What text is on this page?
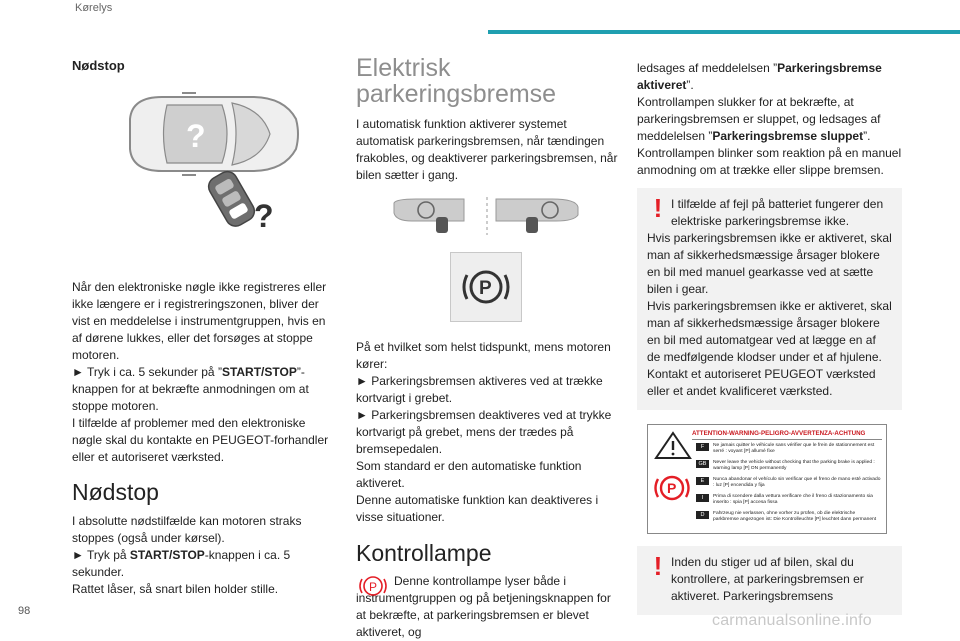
Kørelys
Nødstop
?
?

Når den elektroniske nøgle ikke registreres eller ikke længere er i registreringszonen, bliver der vist en meddelelse i instrumentgruppen, hvis en af dørene lukkes, eller det forsøges at stoppe motoren.

► Tryk i ca. 5 sekunder på ”START/STOP”-knappen for at bekræfte anmodningen om at stoppe motoren.

I tilfælde af problemer med den elektroniske nøgle skal du kontakte en PEUGEOT-forhandler eller et autoriseret værksted.

Nødstop

I absolutte nødstilfælde kan motoren straks stoppes (også under kørsel).

► Tryk på START/STOP-knappen i ca. 5 sekunder.

Rattet låser, så snart bilen holder stille.

Elektrisk
parkeringsbremse

I automatisk funktion aktiverer systemet automatisk parkeringsbremsen, når tændingen frakobles, og deaktiverer parkeringsbremsen, når bilen sætter i gang.

P

På et hvilket som helst tidspunkt, mens motoren kører:

► Parkeringsbremsen aktiveres ved at trække kortvarigt i grebet.

► Parkeringsbremsen deaktiveres ved at trykke kortvarigt på grebet, mens der trædes på bremsepedalen.

Som standard er den automatiske funktion aktiveret.

Denne automatiske funktion kan deaktiveres i visse situationer.

Kontrollampe
P	Denne kontrollampe lyser både i instrumentgruppen og på betjeningsknappen for at bekræfte, at parkeringsbremsen er blevet aktiveret, og

ledsages af meddelelsen ”Parkeringsbremse aktiveret”.

Kontrollampen slukker for at bekræfte, at parkeringsbremsen er sluppet, og ledsages af meddelelsen ”Parkeringsbremse sluppet”.

Kontrollampen blinker som reaktion på en manuel anmodning om at trække eller slippe bremsen.

! I tilfælde af fejl på batteriet fungerer den elektriske parkeringsbremse ikke.

Hvis parkeringsbremsen ikke er aktiveret, skal man af sikkerhedsmæssige årsager blokere en bil med manuel gearkasse ved at sætte bilen i gear.

Hvis parkeringsbremsen ikke er aktiveret, skal man af sikkerhedsmæssige årsager blokere en bil med automatgear ved at lægge en af de medfølgende klodser under et af hjulene.

Kontakt et autoriseret PEUGEOT værksted eller et andet kvalificeret værksted.

ATTENTION-WARNING-PELIGRO-AVVERTENZA-ACHTUNG
P
F	Ne jamais quitter le véhicule sans vérifier que le frein de stationnement est serré : voyant [P] allumé fixe
GB	Never leave the vehicle without checking that the parking brake is applied : warning lamp [P] ON permanently
E	Nunca abandonar el vehículo sin verificar que el freno de mano esté activado : luz [P] encendida y fija
I	Prima di scendere dalla vettura verificare che il freno di stazionamento sia inserito : spia [P] accesa fissa
D	Fahrzeug nie verlassen, ohne vorher zu prüfen, ob die elektrische parkbremse angezogen ist: Die Kontrolleuchte [P] leuchtet dann permanent
! Inden du stiger ud af bilen, skal du kontrollere, at parkeringsbremsen er aktiveret. Parkeringsbremsens

98
carmanualsonline.info
